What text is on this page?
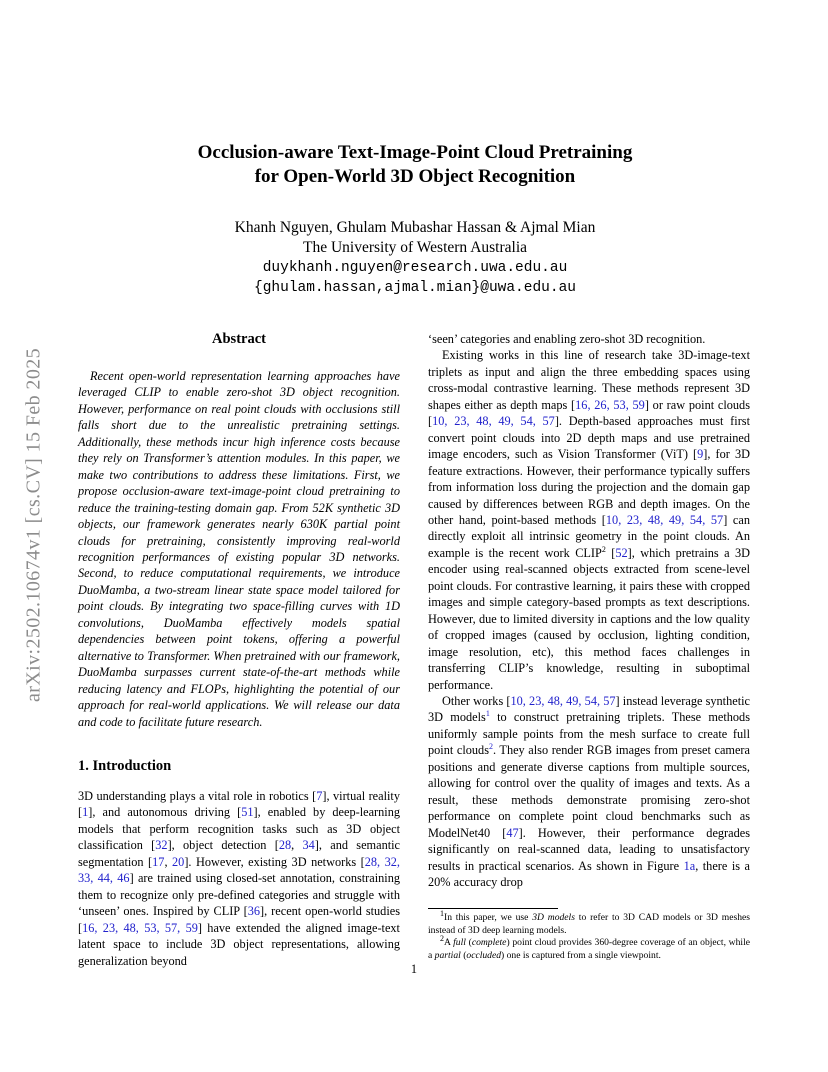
arXiv:2502.10674v1 [cs.CV] 15 Feb 2025
Occlusion-aware Text-Image-Point Cloud Pretraining
for Open-World 3D Object Recognition
Khanh Nguyen, Ghulam Mubashar Hassan & Ajmal Mian
The University of Western Australia
duykhanh.nguyen@research.uwa.edu.au
{ghulam.hassan,ajmal.mian}@uwa.edu.au
Abstract

Recent open-world representation learning approaches have leveraged CLIP to enable zero-shot 3D object recognition. However, performance on real point clouds with occlusions still falls short due to the unrealistic pretraining settings. Additionally, these methods incur high inference costs because they rely on Transformer’s attention modules. In this paper, we make two contributions to address these limitations. First, we propose occlusion-aware text-image-point cloud pretraining to reduce the training-testing domain gap. From 52K synthetic 3D objects, our framework generates nearly 630K partial point clouds for pretraining, consistently improving real-world recognition performances of existing popular 3D networks. Second, to reduce computational requirements, we introduce DuoMamba, a two-stream linear state space model tailored for point clouds. By integrating two space-filling curves with 1D convolutions, DuoMamba effectively models spatial dependencies between point tokens, offering a powerful alternative to Transformer. When pretrained with our framework, DuoMamba surpasses current state-of-the-art methods while reducing latency and FLOPs, highlighting the potential of our approach for real-world applications. We will release our data and code to facilitate future research.

1. Introduction

3D understanding plays a vital role in robotics [7], virtual reality [1], and autonomous driving [51], enabled by deep-learning models that perform recognition tasks such as 3D object classification [32], object detection [28, 34], and semantic segmentation [17, 20]. However, existing 3D networks [28, 32, 33, 44, 46] are trained using closed-set annotation, constraining them to recognize only pre-defined categories and struggle with ‘unseen’ ones. Inspired by CLIP [36], recent open-world studies [16, 23, 48, 53, 57, 59] have extended the aligned image-text latent space to include 3D object representations, allowing generalization beyond

‘seen’ categories and enabling zero-shot 3D recognition.

Existing works in this line of research take 3D-image-text triplets as input and align the three embedding spaces using cross-modal contrastive learning. These methods represent 3D shapes either as depth maps [16, 26, 53, 59] or raw point clouds [10, 23, 48, 49, 54, 57]. Depth-based approaches must first convert point clouds into 2D depth maps and use pretrained image encoders, such as Vision Transformer (ViT) [9], for 3D feature extractions. However, their performance typically suffers from information loss during the projection and the domain gap caused by differences between RGB and depth images. On the other hand, point-based methods [10, 23, 48, 49, 54, 57] can directly exploit all intrinsic geometry in the point clouds. An example is the recent work CLIP$^2$ [52], which pretrains a 3D encoder using real-scanned objects extracted from scene-level point clouds. For contrastive learning, it pairs these with cropped images and simple category-based prompts as text descriptions. However, due to limited diversity in captions and the low quality of cropped images (caused by occlusion, lighting condition, image resolution, etc), this method faces challenges in transferring CLIP’s knowledge, resulting in suboptimal performance.

Other works [10, 23, 48, 49, 54, 57] instead leverage synthetic 3D models$^1$ to construct pretraining triplets. These methods uniformly sample points from the mesh surface to create full point clouds$^2$. They also render RGB images from preset camera positions and generate diverse captions from multiple sources, allowing for control over the quality of images and texts. As a result, these methods demonstrate promising zero-shot performance on complete point cloud benchmarks such as ModelNet40 [47]. However, their performance degrades significantly on real-scanned data, leading to unsatisfactory results in practical scenarios. As shown in Figure 1a, there is a 20% accuracy drop

$^1$In this paper, we use 3D models to refer to 3D CAD models or 3D meshes instead of 3D deep learning models.

$^2$A full (complete) point cloud provides 360-degree coverage of an object, while a partial (occluded) one is captured from a single viewpoint.

1
